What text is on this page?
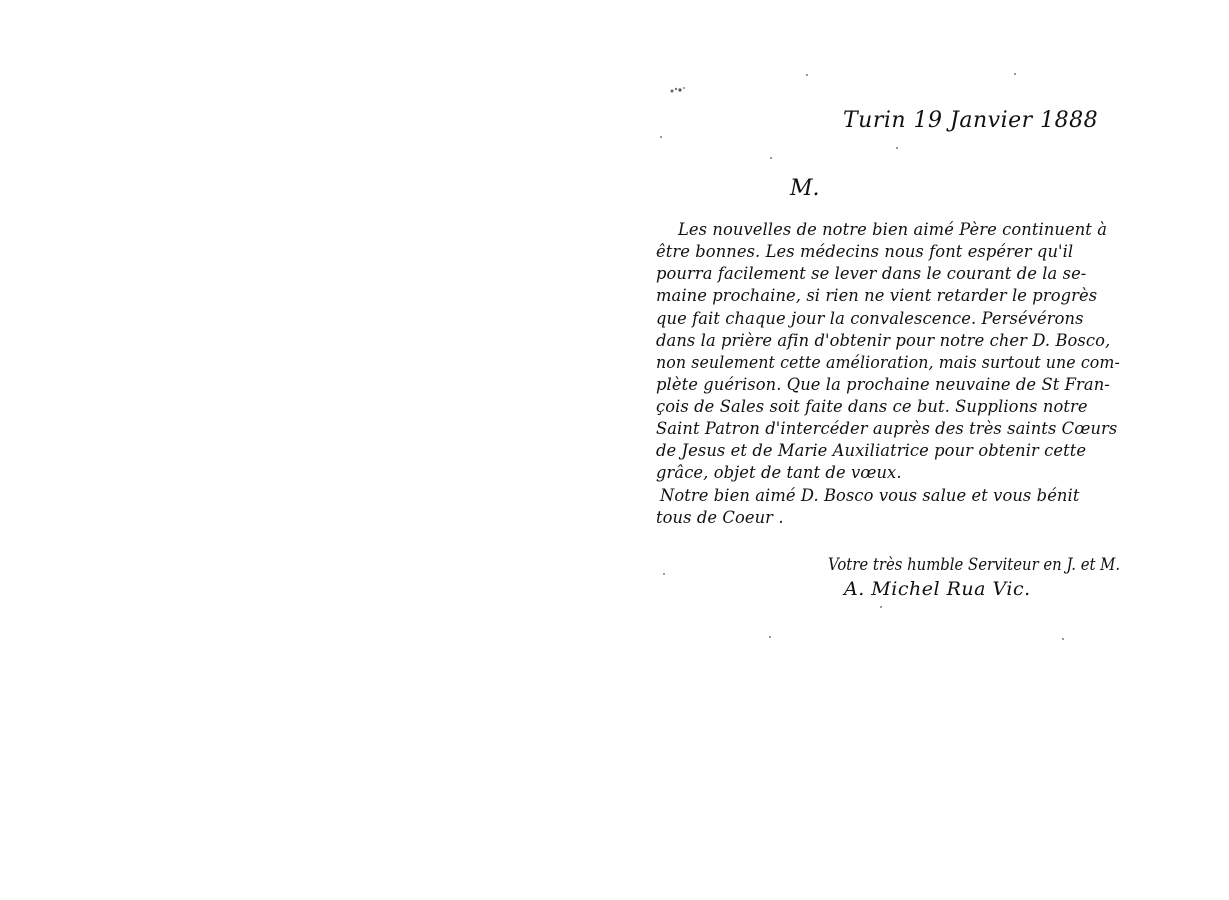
Turin 19 Janvier 1888
M.
Les nouvelles de notre bien aimé Père continuent à
être bonnes. Les médecins nous font espérer qu'il
pourra facilement se lever dans le courant de la se-
maine prochaine, si rien ne vient retarder le progrès
que fait chaque jour la convalescence. Persévérons
dans la prière afin d'obtenir pour notre cher D. Bosco,
non seulement cette amélioration, mais surtout une com-
plète guérison. Que la prochaine neuvaine de St Fran-
çois de Sales soit faite dans ce but. Supplions notre
Saint Patron d'intercéder auprès des très saints Cœurs
de Jesus et de Marie Auxiliatrice pour obtenir cette
grâce, objet de tant de vœux.
Notre bien aimé D. Bosco vous salue et vous bénit
tous de Coeur .
Votre très humble Serviteur en J. et M.
A. Michel Rua Vic.
